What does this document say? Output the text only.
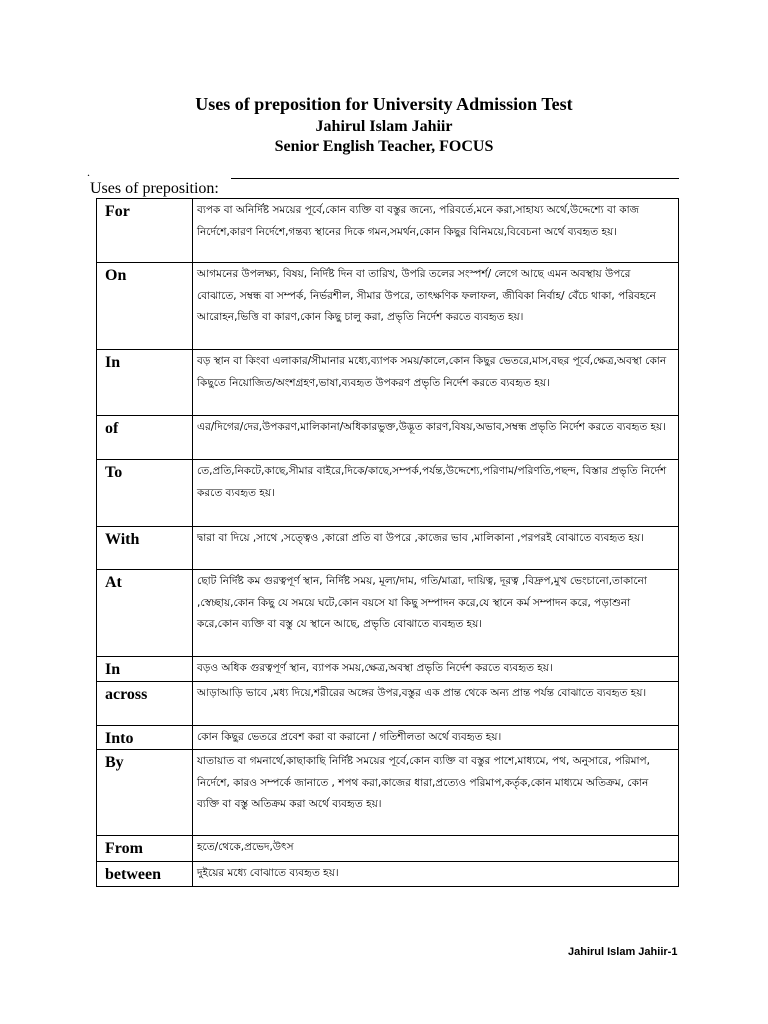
Uses of preposition for University Admission Test
Jahirul Islam Jahiir
Senior English Teacher, FOCUS
.
Uses of preposition:
For	ব্যপক বা অনির্দিষ্ট সময়ের পূর্বে,কোন ব্যক্তি বা বস্তুর জন্যে, পরিবর্তে,মনে করা,সাহায্য অর্থে,উদ্দেশ্যে বা কাজ নির্দেশে,কারণ নির্দেশে,গন্তব্য স্থানের দিকে গমন,সমর্থন,কোন কিছুর বিনিময়ে,বিবেচনা অর্থে ব্যবহৃত হয়।
On	আগমনের উপলক্ষ্য, বিষয়, নির্দিষ্ট দিন বা তারিখ, উপরি তলের সংস্পর্শ/ লেগে আছে এমন অবস্থায় উপরে বোঝাতে, সম্বন্ধ বা সম্পর্ক, নির্ভরশীল, সীমার উপরে, তাৎক্ষণিক ফলাফল, জীবিকা নির্বাহ/ বেঁচে থাকা, পরিবহনে আরোহন,ভিত্তি বা কারণ,কোন কিছু চালু করা, প্রভৃতি নির্দেশ করতে ব্যবহৃত হয়।
In	বড় স্থান বা কিংবা এলাকার/সীমানার মধ্যে,ব্যাপক সময়/কালে,কোন কিছুর ভেতরে,মাস,বছর পূর্বে,ক্ষেত্র,অবস্থা কোন কিছুতে নিয়োজিত/অংশগ্রহণ,ভাষা,ব্যবহৃত উপকরণ প্রভৃতি নির্দেশ করতে ব্যবহৃত হয়।
of	এর/দিগের/দের,উপকরণ,মালিকানা/অধিকারভুক্ত,উদ্ভূত কারণ,বিষয়,অভাব,সম্বন্ধ প্রভৃতি নির্দেশ করতে ব্যবহৃত হয়।
To	তে,প্রতি,নিকটে,কাছে,সীমার বাইরে,দিকে/কাছে,সম্পর্ক,পর্যন্ত,উদ্দেশ্যে,পরিণাম/পরিণতি,পছন্দ, বিস্তার প্রভৃতি নির্দেশ করতে ব্যবহৃত হয়।
With	দ্বারা বা দিয়ে ,সাথে ,সত্ত্বেও ,কারো প্রতি বা উপরে ,কাজের ভাব ,মালিকানা ,পরপরই বোঝাতে ব্যবহৃত হয়।
At	ছোট নির্দিষ্ট কম গুরত্বপূর্ণ স্থান, নির্দিষ্ট সময়, মূল্য/দাম, গতি/মাত্রা, দায়িত্ব, দূরত্ব ,বিদ্রুপ,মুখ ভেংচানো,তাকানো ,স্বেচ্ছায়,কোন কিছু যে সময়ে ঘটে,কোন বয়সে যা কিছু সম্পাদন করে,যে স্থানে কর্ম সম্পাদন করে, পড়াশুনা করে,কোন ব্যক্তি বা বস্তু যে স্থানে আছে, প্রভৃতি বোঝাতে ব্যবহৃত হয়।
In	বড়ও অধিক গুরত্বপূর্ণ স্থান, ব্যাপক সময়,ক্ষেত্র,অবস্থা প্রভৃতি নির্দেশ করতে ব্যবহৃত হয়।
across	আড়াআড়ি ভাবে ,মধ্য দিয়ে,শরীরের অঙ্গের উপর,বস্তুর এক প্রান্ত থেকে অন্য প্রান্ত পর্যন্ত বোঝাতে ব্যবহৃত হয়।
Into	কোন কিছুর ভেতরে প্রবেশ করা বা করানো / গতিশীলতা অর্থে ব্যবহৃত হয়।
By	যাতায়াত বা গমনার্থে,কাছাকাছি নির্দিষ্ট সময়ের পূর্বে,কোন ব্যক্তি বা বস্তুর পাশে,মাধ্যমে, পথ, অনুসারে, পরিমাপ, নির্দেশে, কারও সম্পর্কে জানাতে , শপথ করা,কাজের ধারা,প্রত্যেও পরিমাপ,কর্তৃক,কোন মাধ্যমে অতিক্রম, কোন ব্যক্তি বা বস্তু অতিক্রম করা অর্থে ব্যবহৃত হয়।
From	হতে/থেকে,প্রভেদ,উৎস
between	দুইয়ের মধ্যে বোঝাতে ব্যবহৃত হয়।
Jahirul Islam Jahiir-1
